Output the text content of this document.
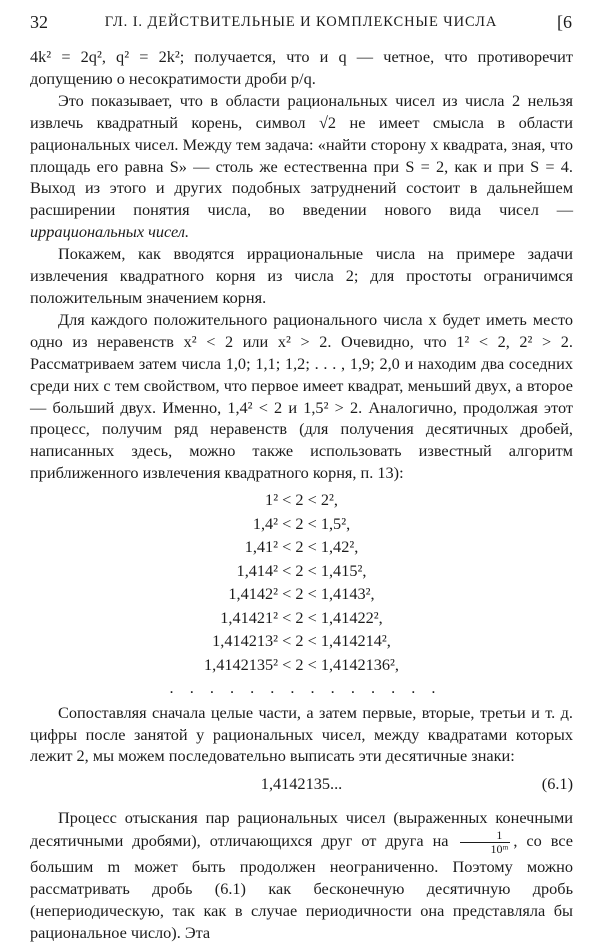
32	ГЛ. I. ДЕЙСТВИТЕЛЬНЫЕ И КОМПЛЕКСНЫЕ ЧИСЛА	[6

4k² = 2q², q² = 2k²; получается, что и q — четное, что противоречит допущению о несократимости дроби p/q.

Это показывает, что в области рациональных чисел из числа 2 нельзя извлечь квадратный корень, символ √2 не имеет смысла в области рациональных чисел. Между тем задача: «найти сторону x квадрата, зная, что площадь его равна S» — столь же естественна при S = 2, как и при S = 4. Выход из этого и других подобных затруднений состоит в дальнейшем расширении понятия числа, во введении нового вида чисел — иррациональных чисел.

Покажем, как вводятся иррациональные числа на примере задачи извлечения квадратного корня из числа 2; для простоты ограничимся положительным значением корня.

Для каждого положительного рационального числа x будет иметь место одно из неравенств x² < 2 или x² > 2. Очевидно, что 1² < 2, 2² > 2. Рассматриваем затем числа 1,0; 1,1; 1,2; . . . , 1,9; 2,0 и находим два соседних среди них с тем свойством, что первое имеет квадрат, меньший двух, а второе — больший двух. Именно, 1,4² < 2 и 1,5² > 2. Аналогично, продолжая этот процесс, получим ряд неравенств (для получения десятичных дробей, написанных здесь, можно также использовать известный алгоритм приближенного извлечения квадратного корня, п. 13):

1² < 2 < 2²,
1,4² < 2 < 1,5²,
1,41² < 2 < 1,42²,
1,414² < 2 < 1,415²,
1,4142² < 2 < 1,4143²,
1,41421² < 2 < 1,41422²,
1,414213² < 2 < 1,414214²,
1,4142135² < 2 < 1,4142136²,
. . . . . . . . . . . . . .

Сопоставляя сначала целые части, а затем первые, вторые, третьи и т. д. цифры после занятой у рациональных чисел, между квадратами которых лежит 2, мы можем последовательно выписать эти десятичные знаки:

1,4142135...	(6.1)

Процесс отыскания пар рациональных чисел (выраженных конечными десятичными дробями), отличающихся друг от друга на $\frac{1}{\text{10ᵐ}}$ , со все большим m может быть продолжен неограниченно. Поэтому можно рассматривать дробь (6.1) как бесконечную десятичную дробь (непериодическую, так как в случае периодичности она представляла бы рациональное число). Эта
